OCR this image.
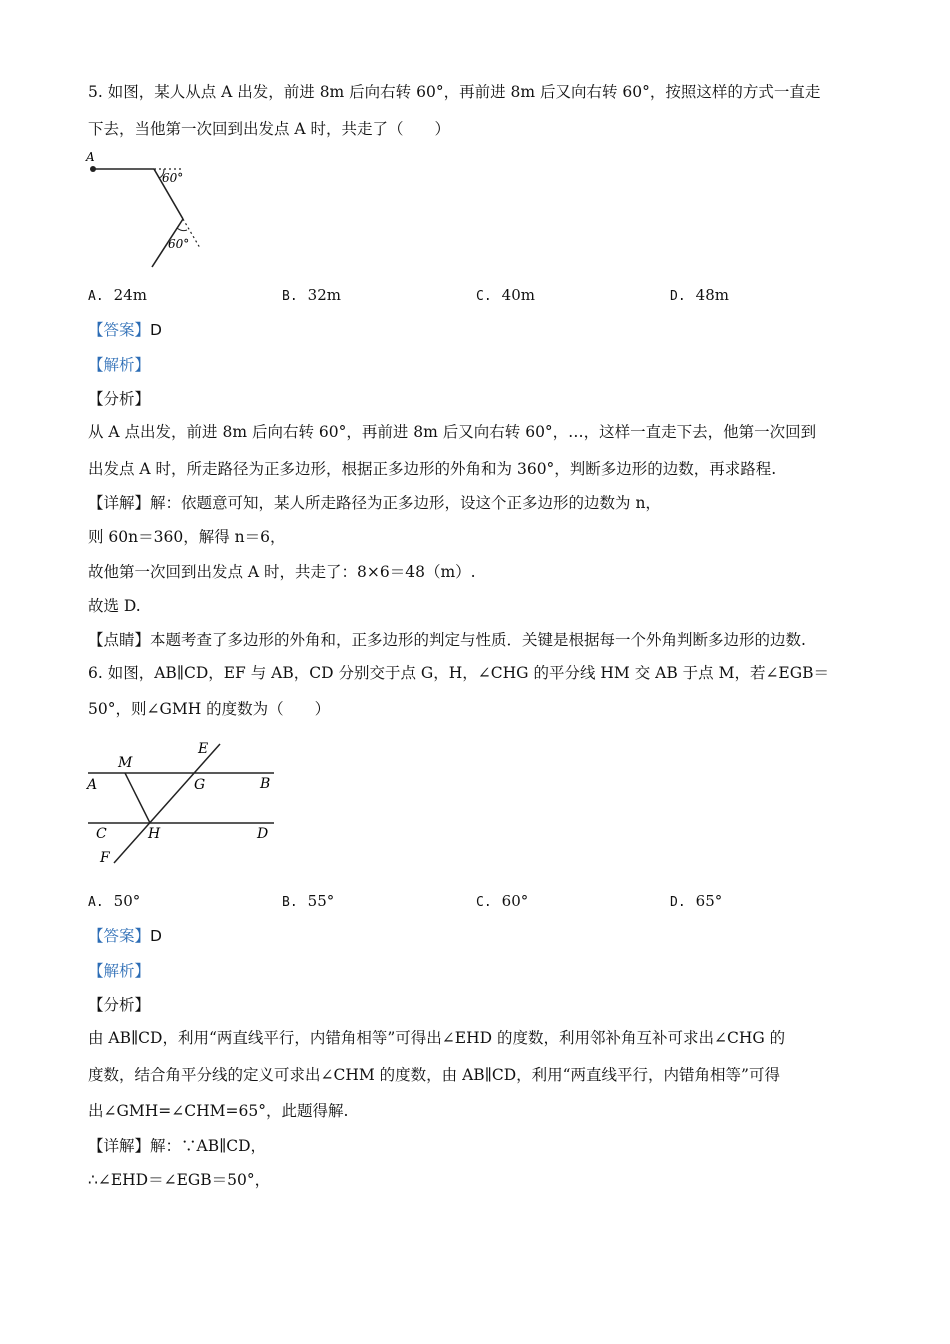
5. 如图，某人从点 A 出发，前进 8m 后向右转 60°，再前进 8m 后又向右转 60°，按照这样的方式一直走
下去，当他第一次回到出发点 A 时，共走了（　　）
A
60°
60°
A. 24m	B. 32m	C. 40m	D. 48m
【答案】D
【解析】
【分析】
从 A 点出发，前进 8m 后向右转 60°，再前进 8m 后又向右转 60°，…，这样一直走下去，他第一次回到
出发点 A 时，所走路径为正多边形，根据正多边形的外角和为 360°，判断多边形的边数，再求路程.
【详解】解：依题意可知，某人所走路径为正多边形，设这个正多边形的边数为 n，
则 60n＝360，解得 n＝6，
故他第一次回到出发点 A 时，共走了：8×6＝48（m）.
故选 D.
【点睛】本题考查了多边形的外角和，正多边形的判定与性质．关键是根据每一个外角判断多边形的边数.
6. 如图，AB∥CD，EF 与 AB，CD 分别交于点 G，H，∠CHG 的平分线 HM 交 AB 于点 M，若∠EGB＝
50°，则∠GMH 的度数为（　　）
M
E
A	G	B
C	H	D
F
A. 50°	B. 55°	C. 60°	D. 65°
【答案】D
【解析】
【分析】
由 AB∥CD，利用“两直线平行，内错角相等”可得出∠EHD 的度数，利用邻补角互补可求出∠CHG 的
度数，结合角平分线的定义可求出∠CHM 的度数，由 AB∥CD，利用“两直线平行，内错角相等”可得
出∠GMH=∠CHM=65°，此题得解.
【详解】解：∵AB∥CD，
∴∠EHD＝∠EGB＝50°，
